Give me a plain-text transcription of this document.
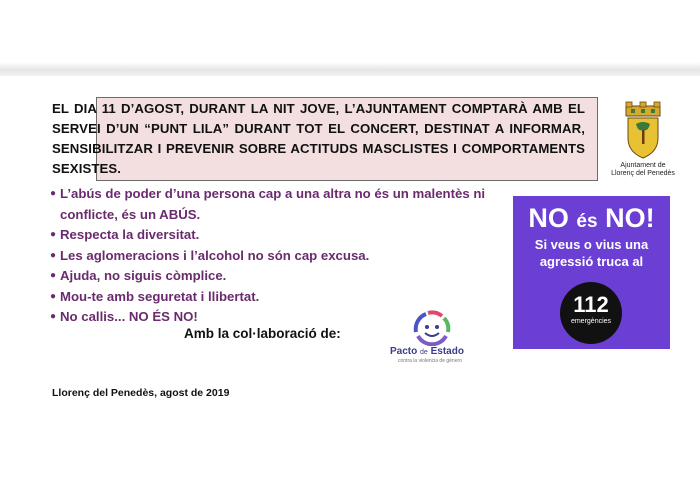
EL DIA 11 D’AGOST, DURANT LA NIT JOVE, L’AJUNTAMENT COMPTARÀ AMB EL SERVEI D’UN “PUNT LILA” DURANT TOT EL CONCERT, DESTINAT A INFORMAR, SENSIBILITZAR I PREVENIR SOBRE ACTITUDS MASCLISTES I COMPORTAMENTS SEXISTES.
● L’abús de poder d’una persona cap a una altra no és un malentès ni conflicte, és un ABÚS.
● Respecta la diversitat.
● Les aglomeracions i l’alcohol no són cap excusa.
● Ajuda, no siguis còmplice.
● Mou-te amb seguretat i llibertat.
● No callis... NO ÉS NO!
Amb la col·laboració de:
Pacto de Estado
contra la violencia de género
Ajuntament de
Llorenç del Penedès
NO és NO!
Si veus o vius una
agressió truca al
112
emergències
Llorenç del Penedès, agost de 2019
